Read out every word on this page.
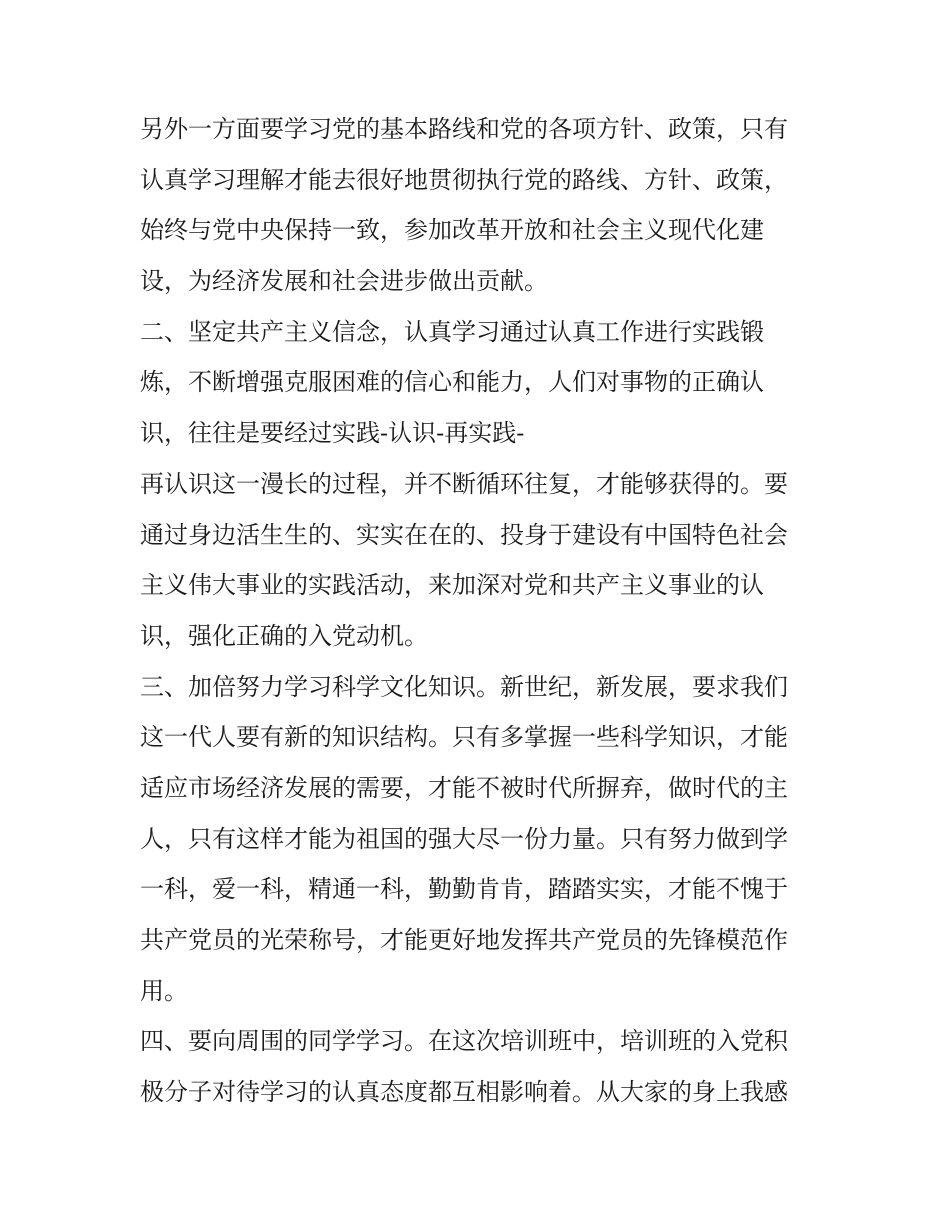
另外一方面要学习党的基本路线和党的各项方针、政策，只有
认真学习理解才能去很好地贯彻执行党的路线、方针、政策，
始终与党中央保持一致，参加改革开放和社会主义现代化建
设，为经济发展和社会进步做出贡献。
二、坚定共产主义信念，认真学习通过认真工作进行实践锻
炼，不断增强克服困难的信心和能力，人们对事物的正确认
识，往往是要经过实践-认识-再实践-
再认识这一漫长的过程，并不断循环往复，才能够获得的。要
通过身边活生生的、实实在在的、投身于建设有中国特色社会
主义伟大事业的实践活动，来加深对党和共产主义事业的认
识，强化正确的入党动机。
三、加倍努力学习科学文化知识。新世纪，新发展，要求我们
这一代人要有新的知识结构。只有多掌握一些科学知识，才能
适应市场经济发展的需要，才能不被时代所摒弃，做时代的主
人，只有这样才能为祖国的强大尽一份力量。只有努力做到学
一科，爱一科，精通一科，勤勤肯肯，踏踏实实，才能不愧于
共产党员的光荣称号，才能更好地发挥共产党员的先锋模范作
用。
四、要向周围的同学学习。在这次培训班中，培训班的入党积
极分子对待学习的认真态度都互相影响着。从大家的身上我感
